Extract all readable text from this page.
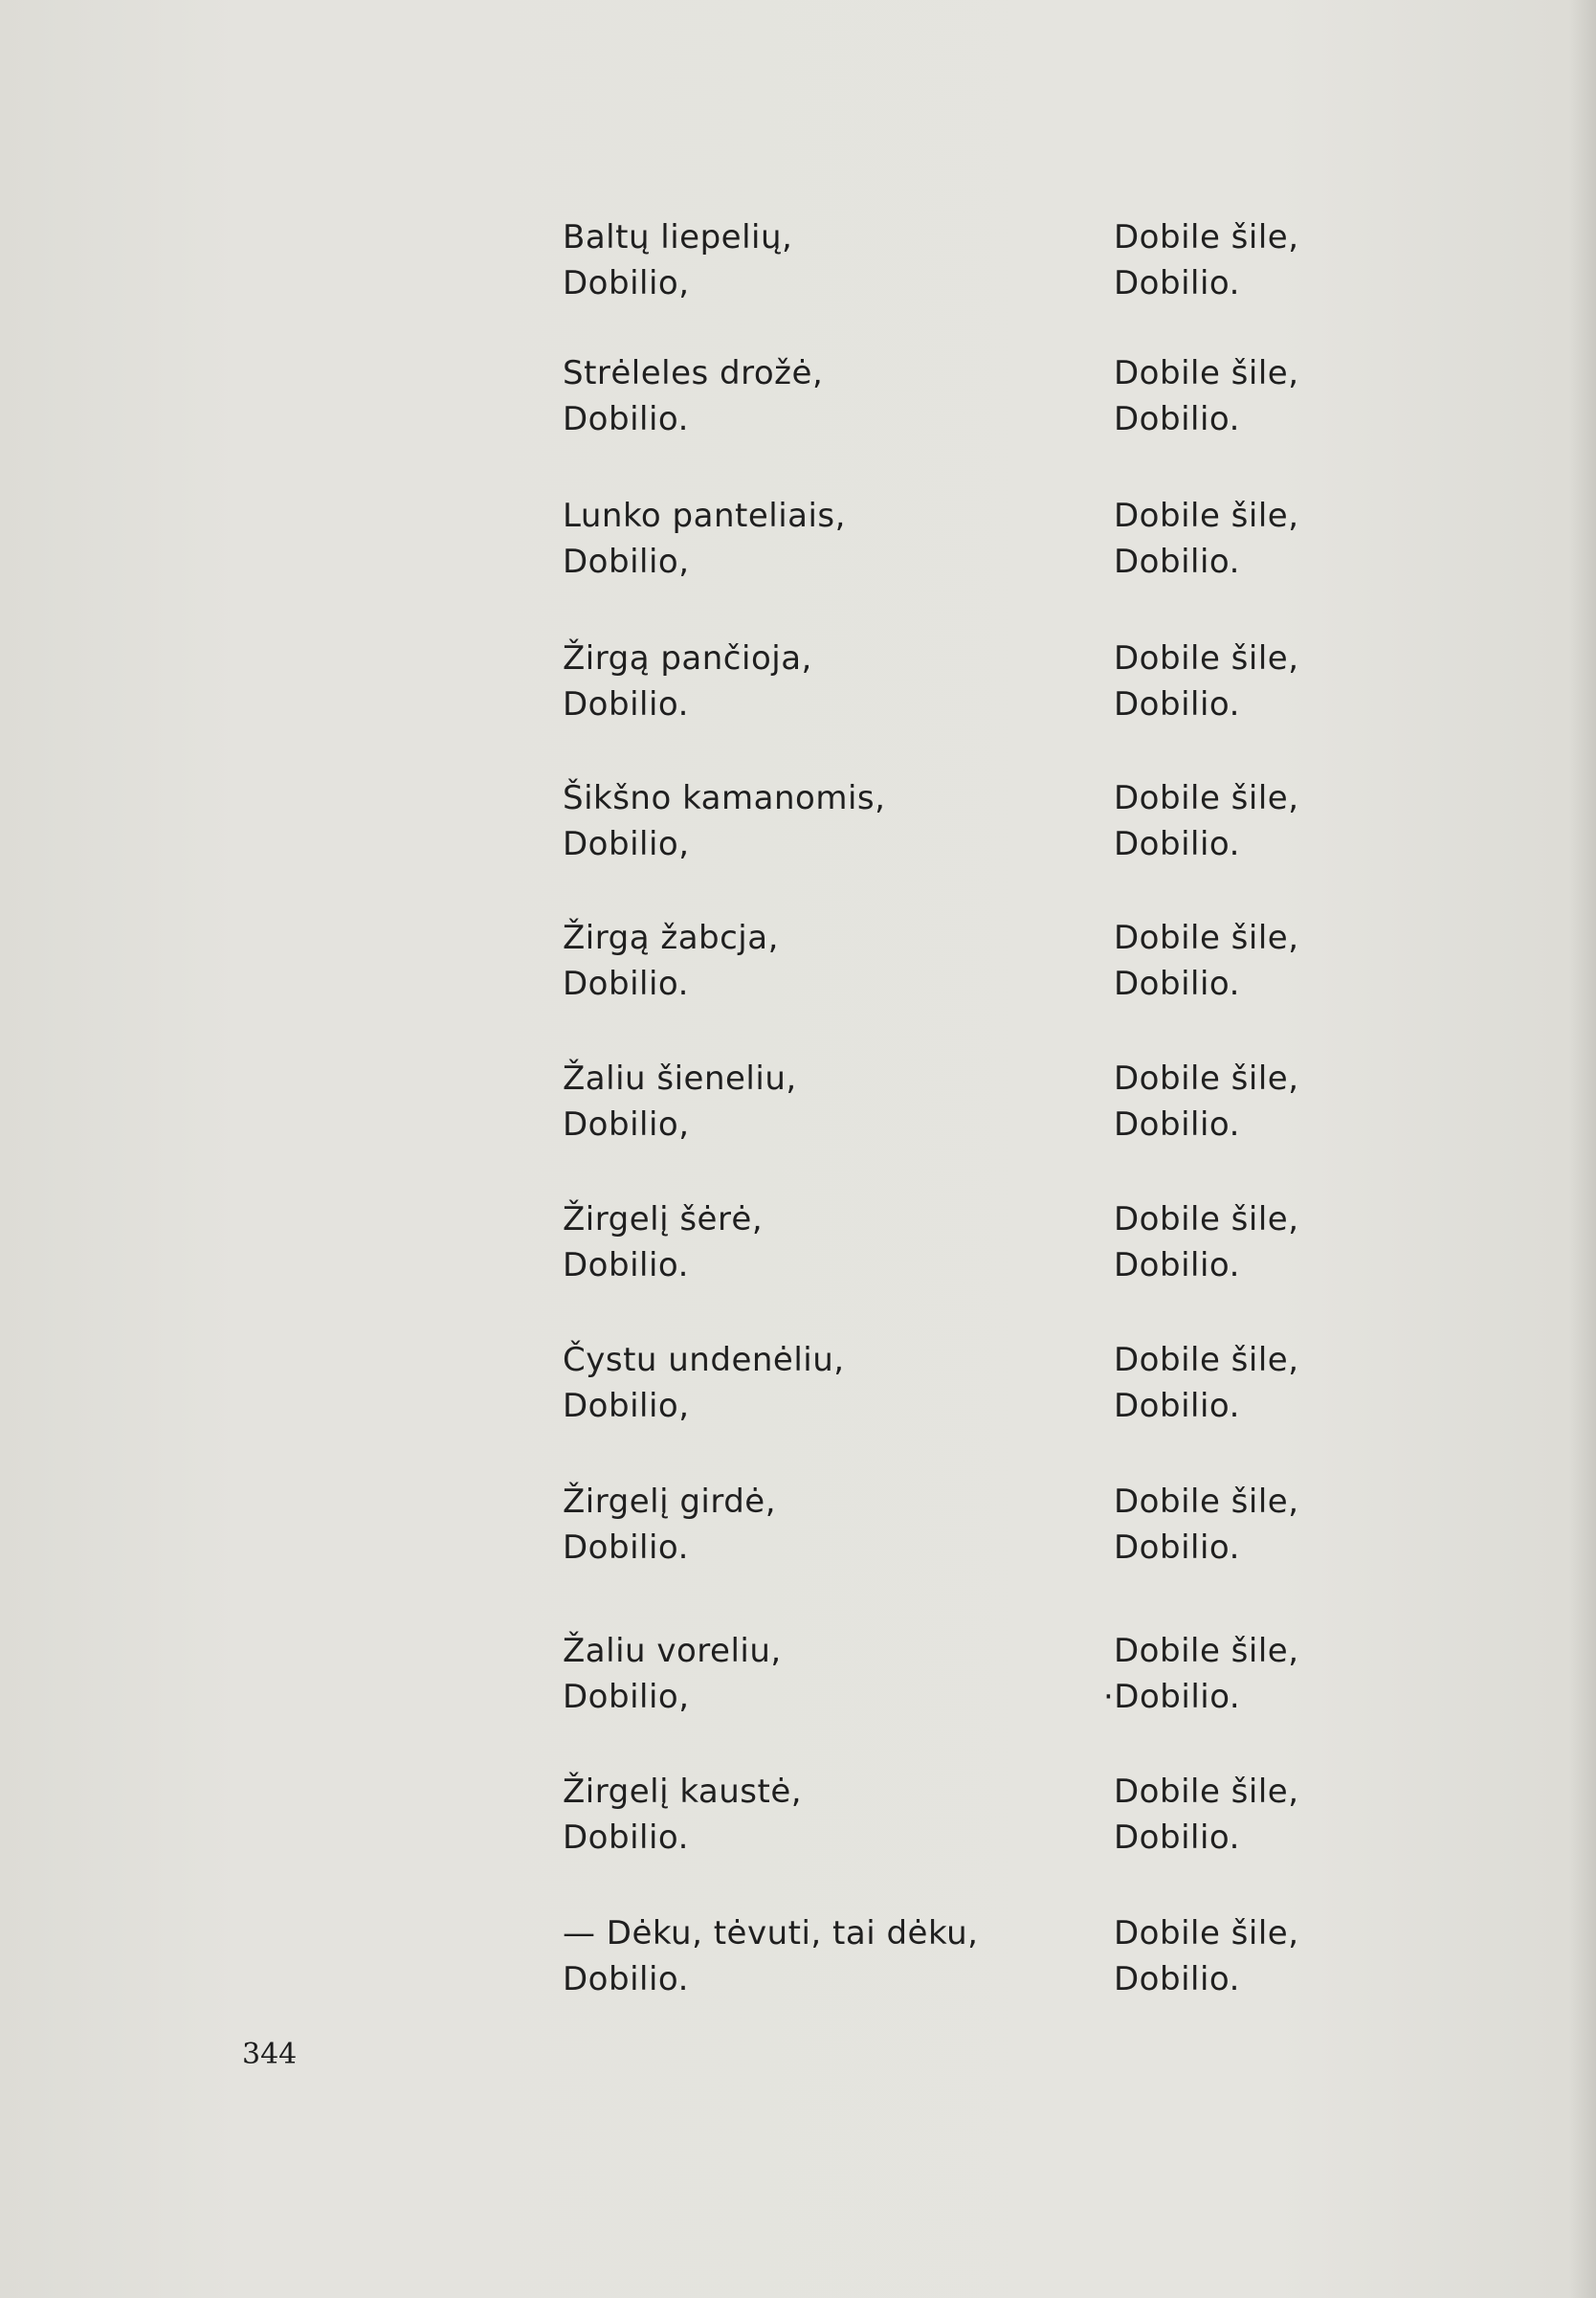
Baltų liepelių,
Dobilio,
Dobile šile,
Dobilio.
Strėleles drožė,
Dobilio.
Dobile šile,
Dobilio.
Lunko panteliais,
Dobilio,
Dobile šile,
Dobilio.
Žirgą pančioja,
Dobilio.
Dobile šile,
Dobilio.
Šikšno kamanomis,
Dobilio,
Dobile šile,
Dobilio.
Žirgą žabcja,
Dobilio.
Dobile šile,
Dobilio.
Žaliu šieneliu,
Dobilio,
Dobile šile,
Dobilio.
Žirgelį šėrė,
Dobilio.
Dobile šile,
Dobilio.
Čystu undenėliu,
Dobilio,
Dobile šile,
Dobilio.
Žirgelį girdė,
Dobilio.
Dobile šile,
Dobilio.
Žaliu voreliu,
Dobilio,
Dobile šile,
·Dobilio.
Žirgelį kaustė,
Dobilio.
Dobile šile,
Dobilio.
— Dėku, tėvuti, tai dėku,
Dobilio.
Dobile šile,
Dobilio.
344
